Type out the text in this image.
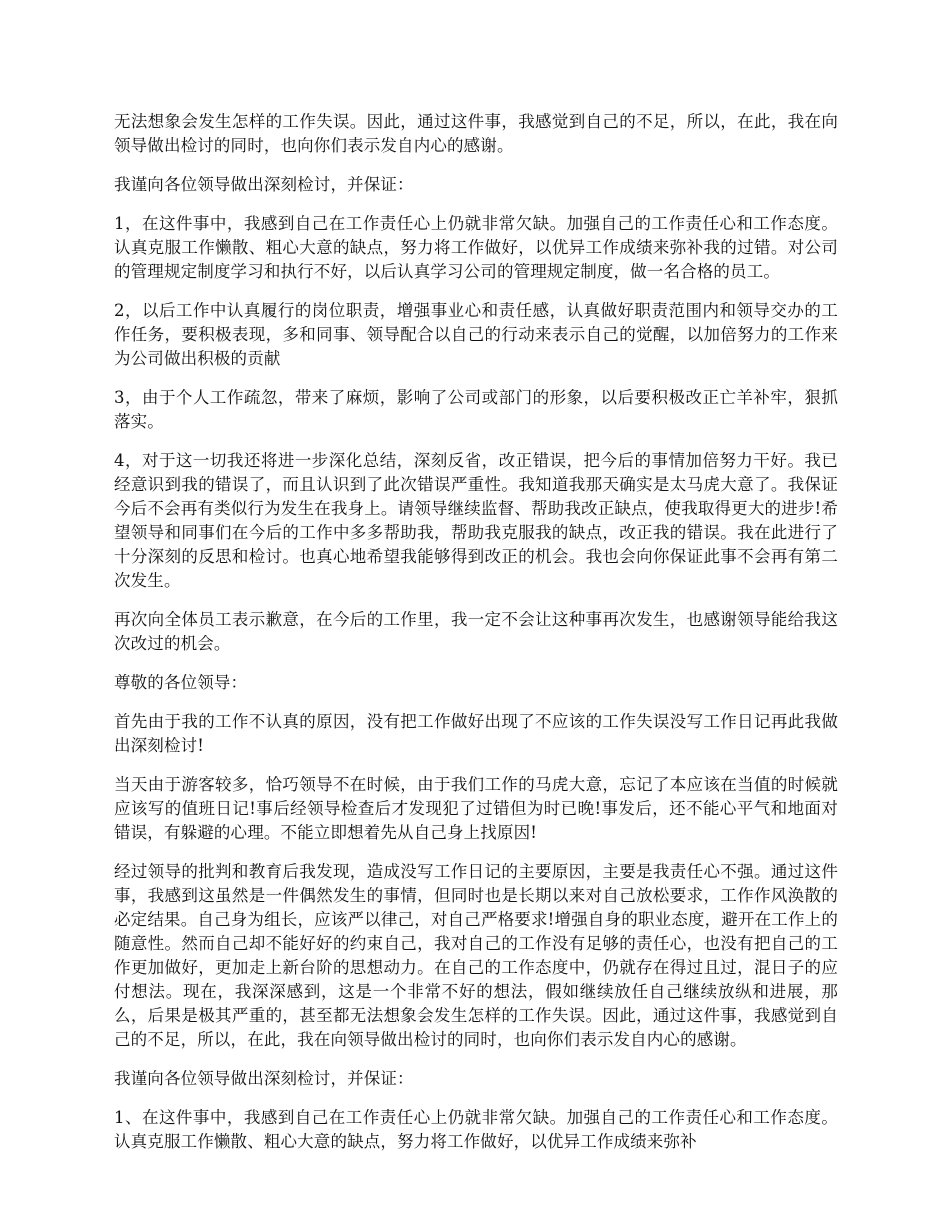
无法想象会发生怎样的工作失误。因此，通过这件事，我感觉到自己的不足，所以，在此，我在向领导做出检讨的同时，也向你们表示发自内心的感谢。

我谨向各位领导做出深刻检讨，并保证：

1，在这件事中，我感到自己在工作责任心上仍就非常欠缺。加强自己的工作责任心和工作态度。认真克服工作懒散、粗心大意的缺点，努力将工作做好，以优异工作成绩来弥补我的过错。对公司的管理规定制度学习和执行不好，以后认真学习公司的管理规定制度，做一名合格的员工。

2，以后工作中认真履行的岗位职责，增强事业心和责任感，认真做好职责范围内和领导交办的工作任务，要积极表现，多和同事、领导配合以自己的行动来表示自己的觉醒，以加倍努力的工作来为公司做出积极的贡献

3，由于个人工作疏忽，带来了麻烦，影响了公司或部门的形象，以后要积极改正亡羊补牢，狠抓落实。

4，对于这一切我还将进一步深化总结，深刻反省，改正错误，把今后的事情加倍努力干好。我已经意识到我的错误了，而且认识到了此次错误严重性。我知道我那天确实是太马虎大意了。我保证今后不会再有类似行为发生在我身上。请领导继续监督、帮助我改正缺点，使我取得更大的进步!希望领导和同事们在今后的工作中多多帮助我，帮助我克服我的缺点，改正我的错误。我在此进行了十分深刻的反思和检讨。也真心地希望我能够得到改正的机会。我也会向你保证此事不会再有第二次发生。

再次向全体员工表示歉意，在今后的工作里，我一定不会让这种事再次发生，也感谢领导能给我这次改过的机会。

尊敬的各位领导：

首先由于我的工作不认真的原因，没有把工作做好出现了不应该的工作失误没写工作日记再此我做出深刻检讨!

当天由于游客较多，恰巧领导不在时候，由于我们工作的马虎大意，忘记了本应该在当值的时候就应该写的值班日记!事后经领导检查后才发现犯了过错但为时已晚!事发后，还不能心平气和地面对错误，有躲避的心理。不能立即想着先从自己身上找原因!

经过领导的批判和教育后我发现，造成没写工作日记的主要原因，主要是我责任心不强。通过这件事，我感到这虽然是一件偶然发生的事情，但同时也是长期以来对自己放松要求，工作作风涣散的必定结果。自己身为组长，应该严以律己，对自己严格要求!增强自身的职业态度，避开在工作上的随意性。然而自己却不能好好的约束自己，我对自己的工作没有足够的责任心，也没有把自己的工作更加做好，更加走上新台阶的思想动力。在自己的工作态度中，仍就存在得过且过，混日子的应付想法。现在，我深深感到，这是一个非常不好的想法，假如继续放任自己继续放纵和进展，那么，后果是极其严重的，甚至都无法想象会发生怎样的工作失误。因此，通过这件事，我感觉到自己的不足，所以，在此，我在向领导做出检讨的同时，也向你们表示发自内心的感谢。

我谨向各位领导做出深刻检讨，并保证：

1、在这件事中，我感到自己在工作责任心上仍就非常欠缺。加强自己的工作责任心和工作态度。认真克服工作懒散、粗心大意的缺点，努力将工作做好，以优异工作成绩来弥补
